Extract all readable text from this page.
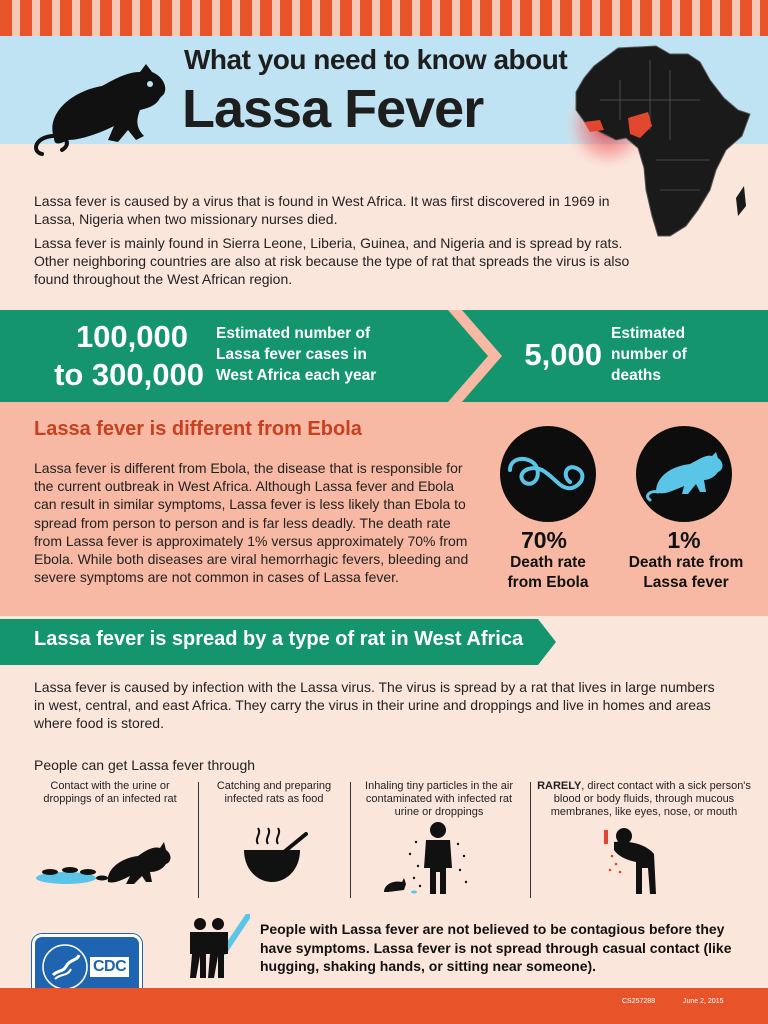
What you need to know about
Lassa Fever

Lassa fever is caused by a virus that is found in West Africa. It was first discovered in 1969 in Lassa, Nigeria when two missionary nurses died.

Lassa fever is mainly found in Sierra Leone, Liberia, Guinea, and Nigeria and is spread by rats. Other neighboring countries are also at risk because the type of rat that spreads the virus is also found throughout the West African region.

100,000
to 300,000
Estimated number of Lassa fever cases in West Africa each year
5,000
Estimated number of deaths
Lassa fever is different from Ebola
Lassa fever is different from Ebola, the disease that is responsible for the current outbreak in West Africa. Although Lassa fever and Ebola can result in similar symptoms, Lassa fever is less likely than Ebola to spread from person to person and is far less deadly. The death rate from Lassa fever is approximately 1% versus approximately 70% from Ebola. While both diseases are viral hemorrhagic fevers, bleeding and severe symptoms are not common in cases of Lassa fever.
70%
Death rate from Ebola
1%
Death rate from Lassa fever
Lassa fever is spread by a type of rat in West Africa
Lassa fever is caused by infection with the Lassa virus. The virus is spread by a rat that lives in large numbers in west, central, and east Africa. They carry the virus in their urine and droppings and live in homes and areas where food is stored.
People can get Lassa fever through
Contact with the urine or droppings of an infected rat
Catching and preparing infected rats as food
Inhaling tiny particles in the air contaminated with infected rat urine or droppings
RARELY, direct contact with a sick person's blood or body fluids, through mucous membranes, like eyes, nose, or mouth
People with Lassa fever are not believed to be contagious before they have symptoms. Lassa fever is not spread through casual contact (like hugging, shaking hands, or sitting near someone).
CDC
CS257288	June 2, 2015
